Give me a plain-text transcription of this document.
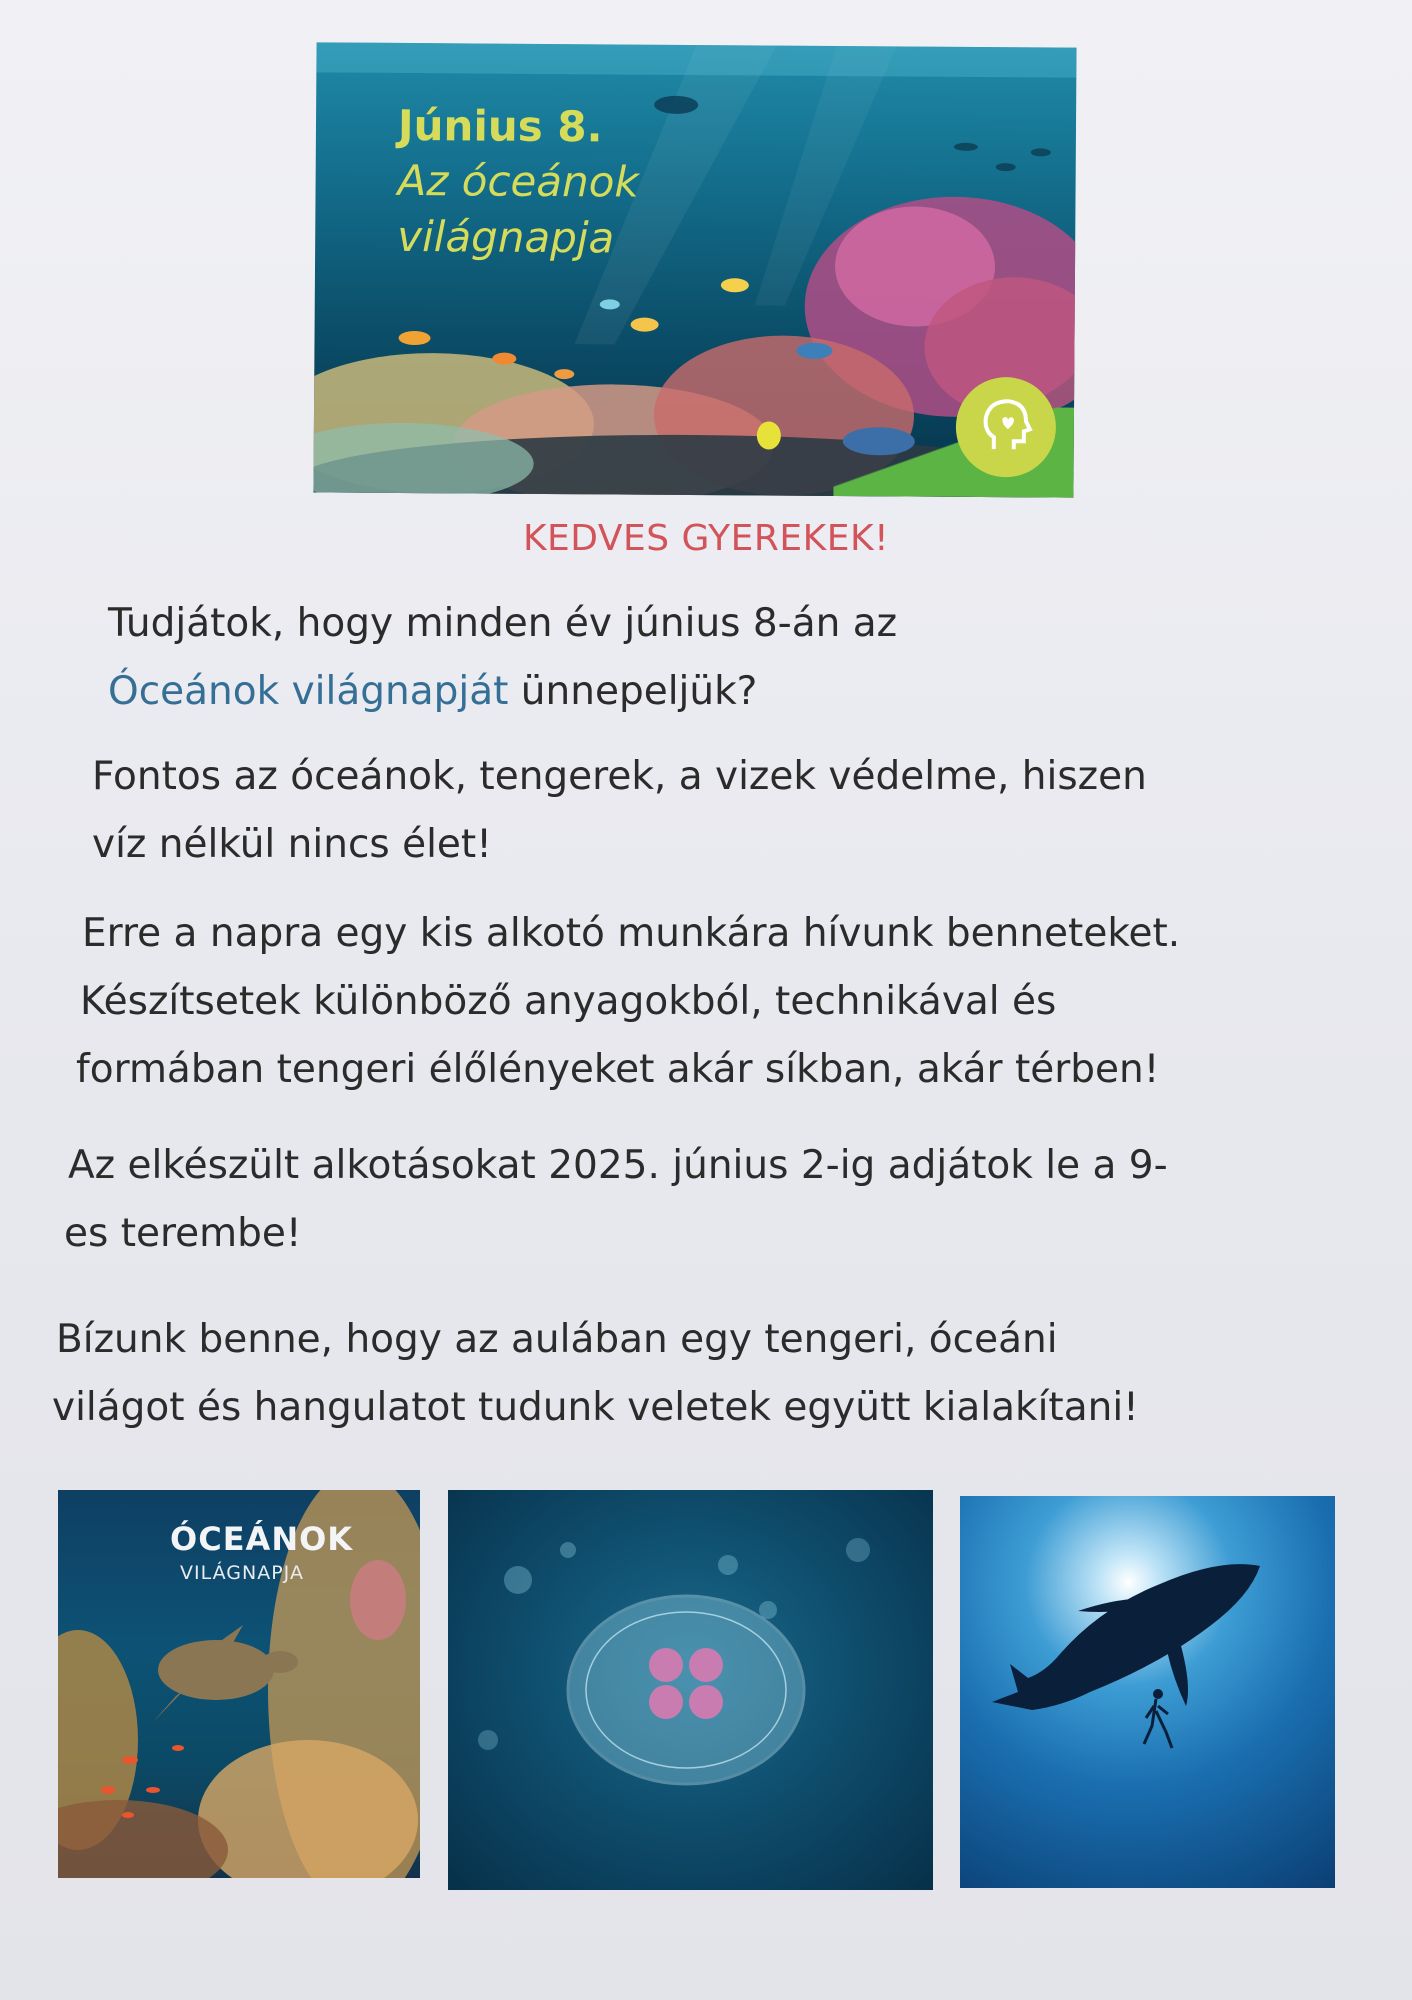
Június 8.
Az óceánok
világnapja
KEDVES GYEREKEK!
Tudjátok, hogy minden év június 8-án az
Óceánok világnapját ünnepeljük?
Fontos az óceánok, tengerek, a vizek védelme, hiszen
víz nélkül nincs élet!
Erre a napra egy kis alkotó munkára hívunk benneteket.
Készítsetek különböző anyagokból, technikával és
formában tengeri élőlényeket akár síkban, akár térben!
Az elkészült alkotásokat 2025. június 2-ig adjátok le a 9-
es terembe!
Bízunk benne, hogy az aulában egy tengeri, óceáni
világot és hangulatot tudunk veletek együtt kialakítani!
ÓCEÁNOK
VILÁGNAPJA
